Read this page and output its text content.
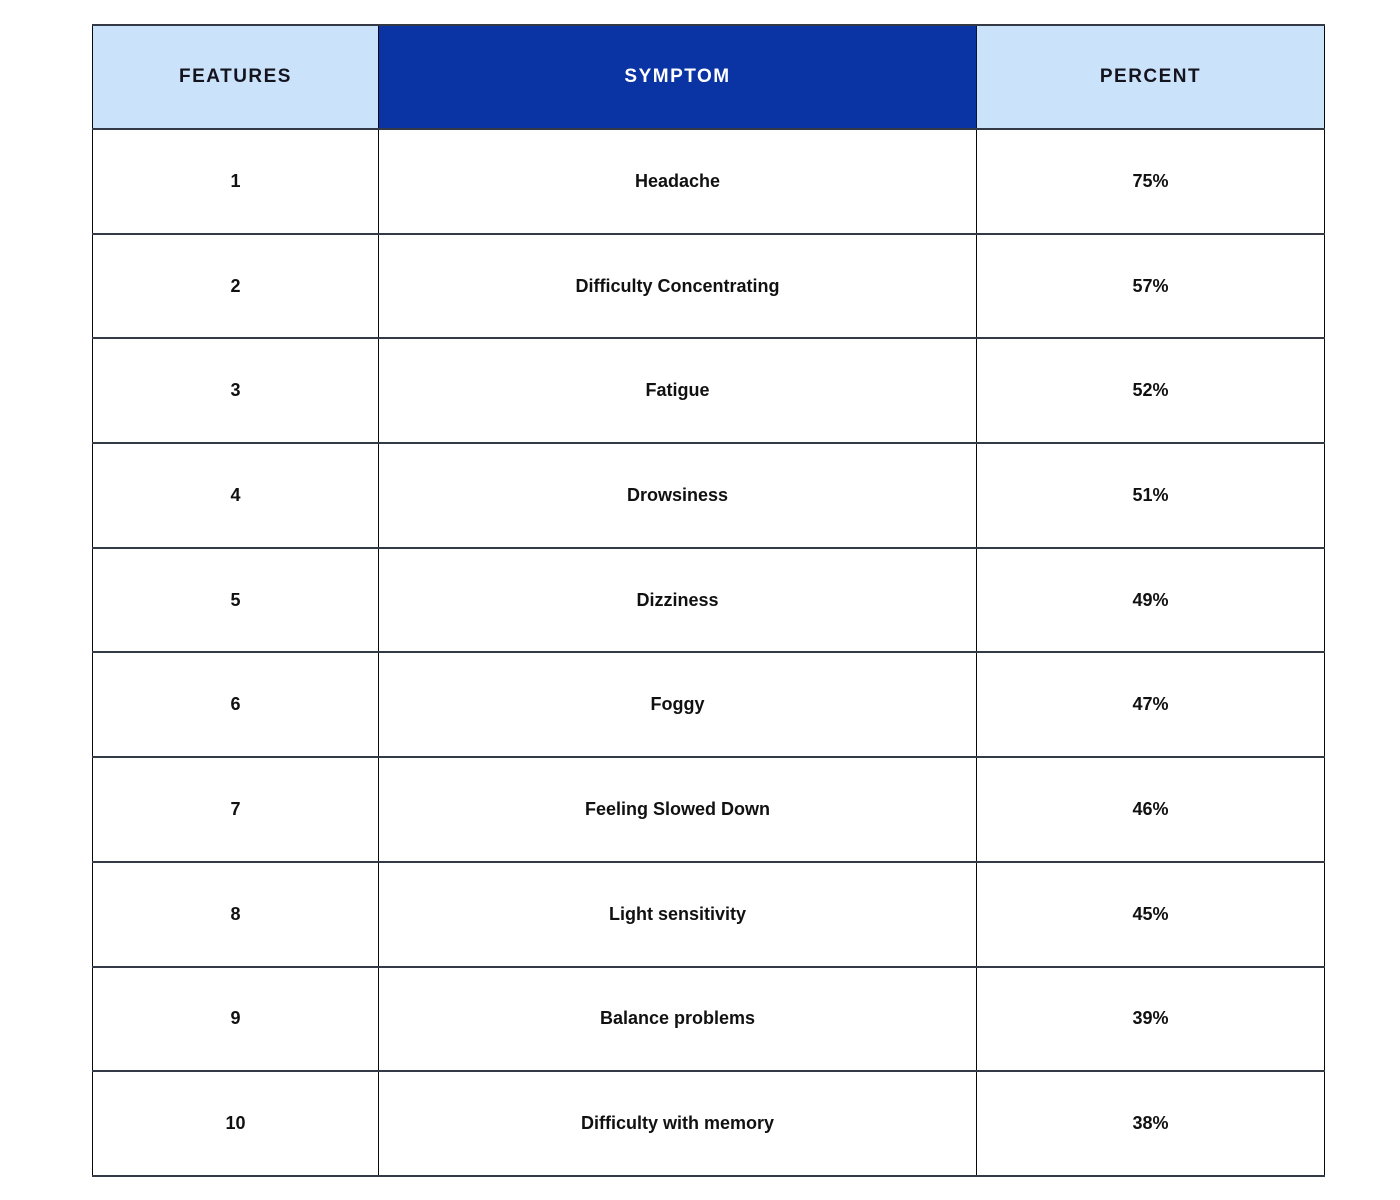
FEATURES	SYMPTOM	PERCENT
1	Headache	75%
2	Difficulty Concentrating	57%
3	Fatigue	52%
4	Drowsiness	51%
5	Dizziness	49%
6	Foggy	47%
7	Feeling Slowed Down	46%
8	Light sensitivity	45%
9	Balance problems	39%
10	Difficulty with memory	38%
